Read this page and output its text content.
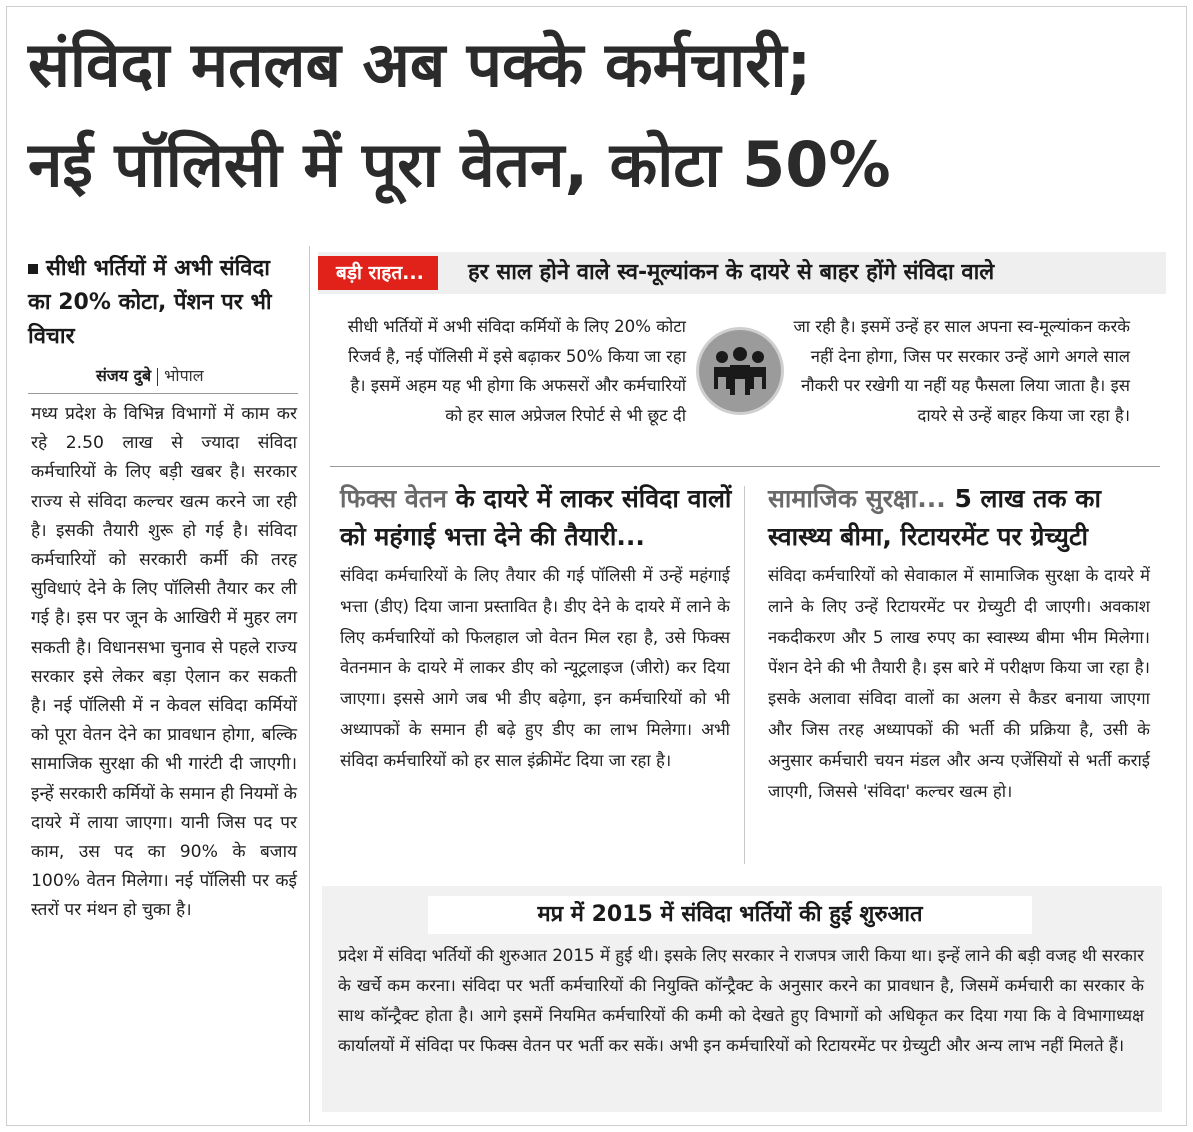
संविदा मतलब अब पक्के कर्मचारी;
नई पॉलिसी में पूरा वेतन, कोटा 50%
सीधी भर्तियों में अभी संविदा का 20% कोटा, पेंशन पर भी विचार
संजय दुबे भोपाल
मध्य प्रदेश के विभिन्न विभागों में काम कर रहे 2.50 लाख से ज्यादा संविदा कर्मचारियों के लिए बड़ी खबर है। सरकार राज्य से संविदा कल्चर खत्म करने जा रही है। इसकी तैयारी शुरू हो गई है। संविदा कर्मचारियों को सरकारी कर्मी की तरह सुविधाएं देने के लिए पॉलिसी तैयार कर ली गई है। इस पर जून के आखिरी में मुहर लग सकती है। विधानसभा चुनाव से पहले राज्य सरकार इसे लेकर बड़ा ऐलान कर सकती है। नई पॉलिसी में न केवल संविदा कर्मियों को पूरा वेतन देने का प्रावधान होगा, बल्कि सामाजिक सुरक्षा की भी गारंटी दी जाएगी। इन्हें सरकारी कर्मियों के समान ही नियमों के दायरे में लाया जाएगा। यानी जिस पद पर काम, उस पद का 90% के बजाय 100% वेतन मिलेगा। नई पॉलिसी पर कई स्तरों पर मंथन हो चुका है।
बड़ी राहत...	हर साल होने वाले स्व-मूल्यांकन के दायरे से बाहर होंगे संविदा वाले
सीधी भर्तियों में अभी संविदा कर्मियों के लिए 20% कोटा रिजर्व है, नई पॉलिसी में इसे बढ़ाकर 50% किया जा रहा है। इसमें अहम यह भी होगा कि अफसरों और कर्मचारियों को हर साल अप्रेजल रिपोर्ट से भी छूट दी
जा रही है। इसमें उन्हें हर साल अपना स्व-मूल्यांकन करके नहीं देना होगा, जिस पर सरकार उन्हें आगे अगले साल नौकरी पर रखेगी या नहीं यह फैसला लिया जाता है। इस दायरे से उन्हें बाहर किया जा रहा है।
फिक्स वेतन के दायरे में लाकर संविदा वालों को महंगाई भत्ता देने की तैयारी...
संविदा कर्मचारियों के लिए तैयार की गई पॉलिसी में उन्हें महंगाई भत्ता (डीए) दिया जाना प्रस्तावित है। डीए देने के दायरे में लाने के लिए कर्मचारियों को फिलहाल जो वेतन मिल रहा है, उसे फिक्स वेतनमान के दायरे में लाकर डीए को न्यूट्रलाइज (जीरो) कर दिया जाएगा। इससे आगे जब भी डीए बढ़ेगा, इन कर्मचारियों को भी अध्यापकों के समान ही बढ़े हुए डीए का लाभ मिलेगा। अभी संविदा कर्मचारियों को हर साल इंक्रीमेंट दिया जा रहा है।
सामाजिक सुरक्षा... 5 लाख तक का स्वास्थ्य बीमा, रिटायरमेंट पर ग्रेच्युटी
संविदा कर्मचारियों को सेवाकाल में सामाजिक सुरक्षा के दायरे में लाने के लिए उन्हें रिटायरमेंट पर ग्रेच्युटी दी जाएगी। अवकाश नकदीकरण और 5 लाख रुपए का स्वास्थ्य बीमा भीम मिलेगा। पेंशन देने की भी तैयारी है। इस बारे में परीक्षण किया जा रहा है। इसके अलावा संविदा वालों का अलग से कैडर बनाया जाएगा और जिस तरह अध्यापकों की भर्ती की प्रक्रिया है, उसी के अनुसार कर्मचारी चयन मंडल और अन्य एजेंसियों से भर्ती कराई जाएगी, जिससे 'संविदा' कल्चर खत्म हो।
मप्र में 2015 में संविदा भर्तियों की हुई शुरुआत
प्रदेश में संविदा भर्तियों की शुरुआत 2015 में हुई थी। इसके लिए सरकार ने राजपत्र जारी किया था। इन्हें लाने की बड़ी वजह थी सरकार के खर्चे कम करना। संविदा पर भर्ती कर्मचारियों की नियुक्ति कॉन्ट्रैक्ट के अनुसार करने का प्रावधान है, जिसमें कर्मचारी का सरकार के साथ कॉन्ट्रैक्ट होता है। आगे इसमें नियमित कर्मचारियों की कमी को देखते हुए विभागों को अधिकृत कर दिया गया कि वे विभागाध्यक्ष कार्यालयों में संविदा पर फिक्स वेतन पर भर्ती कर सकें। अभी इन कर्मचारियों को रिटायरमेंट पर ग्रेच्युटी और अन्य लाभ नहीं मिलते हैं।
